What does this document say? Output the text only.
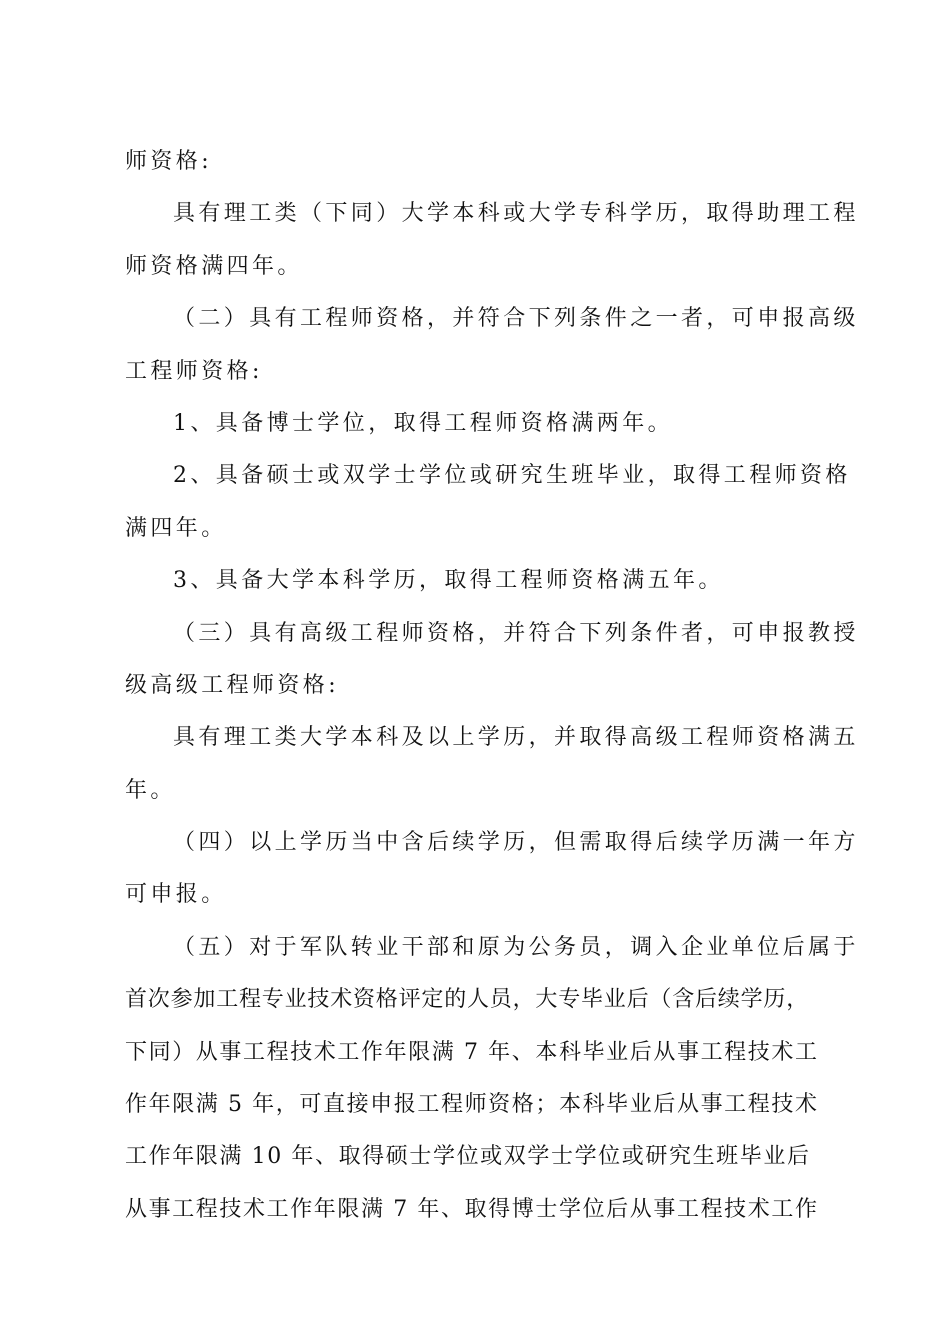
师资格:
具有理工类（下同）大学本科或大学专科学历，取得助理工程
师资格满四年。
（二）具有工程师资格，并符合下列条件之一者，可申报高级
工程师资格:
1、具备博士学位，取得工程师资格满两年。
2、具备硕士或双学士学位或研究生班毕业，取得工程师资格
满四年。
3、具备大学本科学历，取得工程师资格满五年。
（三）具有高级工程师资格，并符合下列条件者，可申报教授
级高级工程师资格:
具有理工类大学本科及以上学历，并取得高级工程师资格满五
年。
（四）以上学历当中含后续学历，但需取得后续学历满一年方
可申报。
（五）对于军队转业干部和原为公务员，调入企业单位后属于
首次参加工程专业技术资格评定的人员，大专毕业后（含后续学历，
下同）从事工程技术工作年限满 7 年、本科毕业后从事工程技术工
作年限满 5 年，可直接申报工程师资格；本科毕业后从事工程技术
工作年限满 10 年、取得硕士学位或双学士学位或研究生班毕业后
从事工程技术工作年限满 7 年、取得博士学位后从事工程技术工作
